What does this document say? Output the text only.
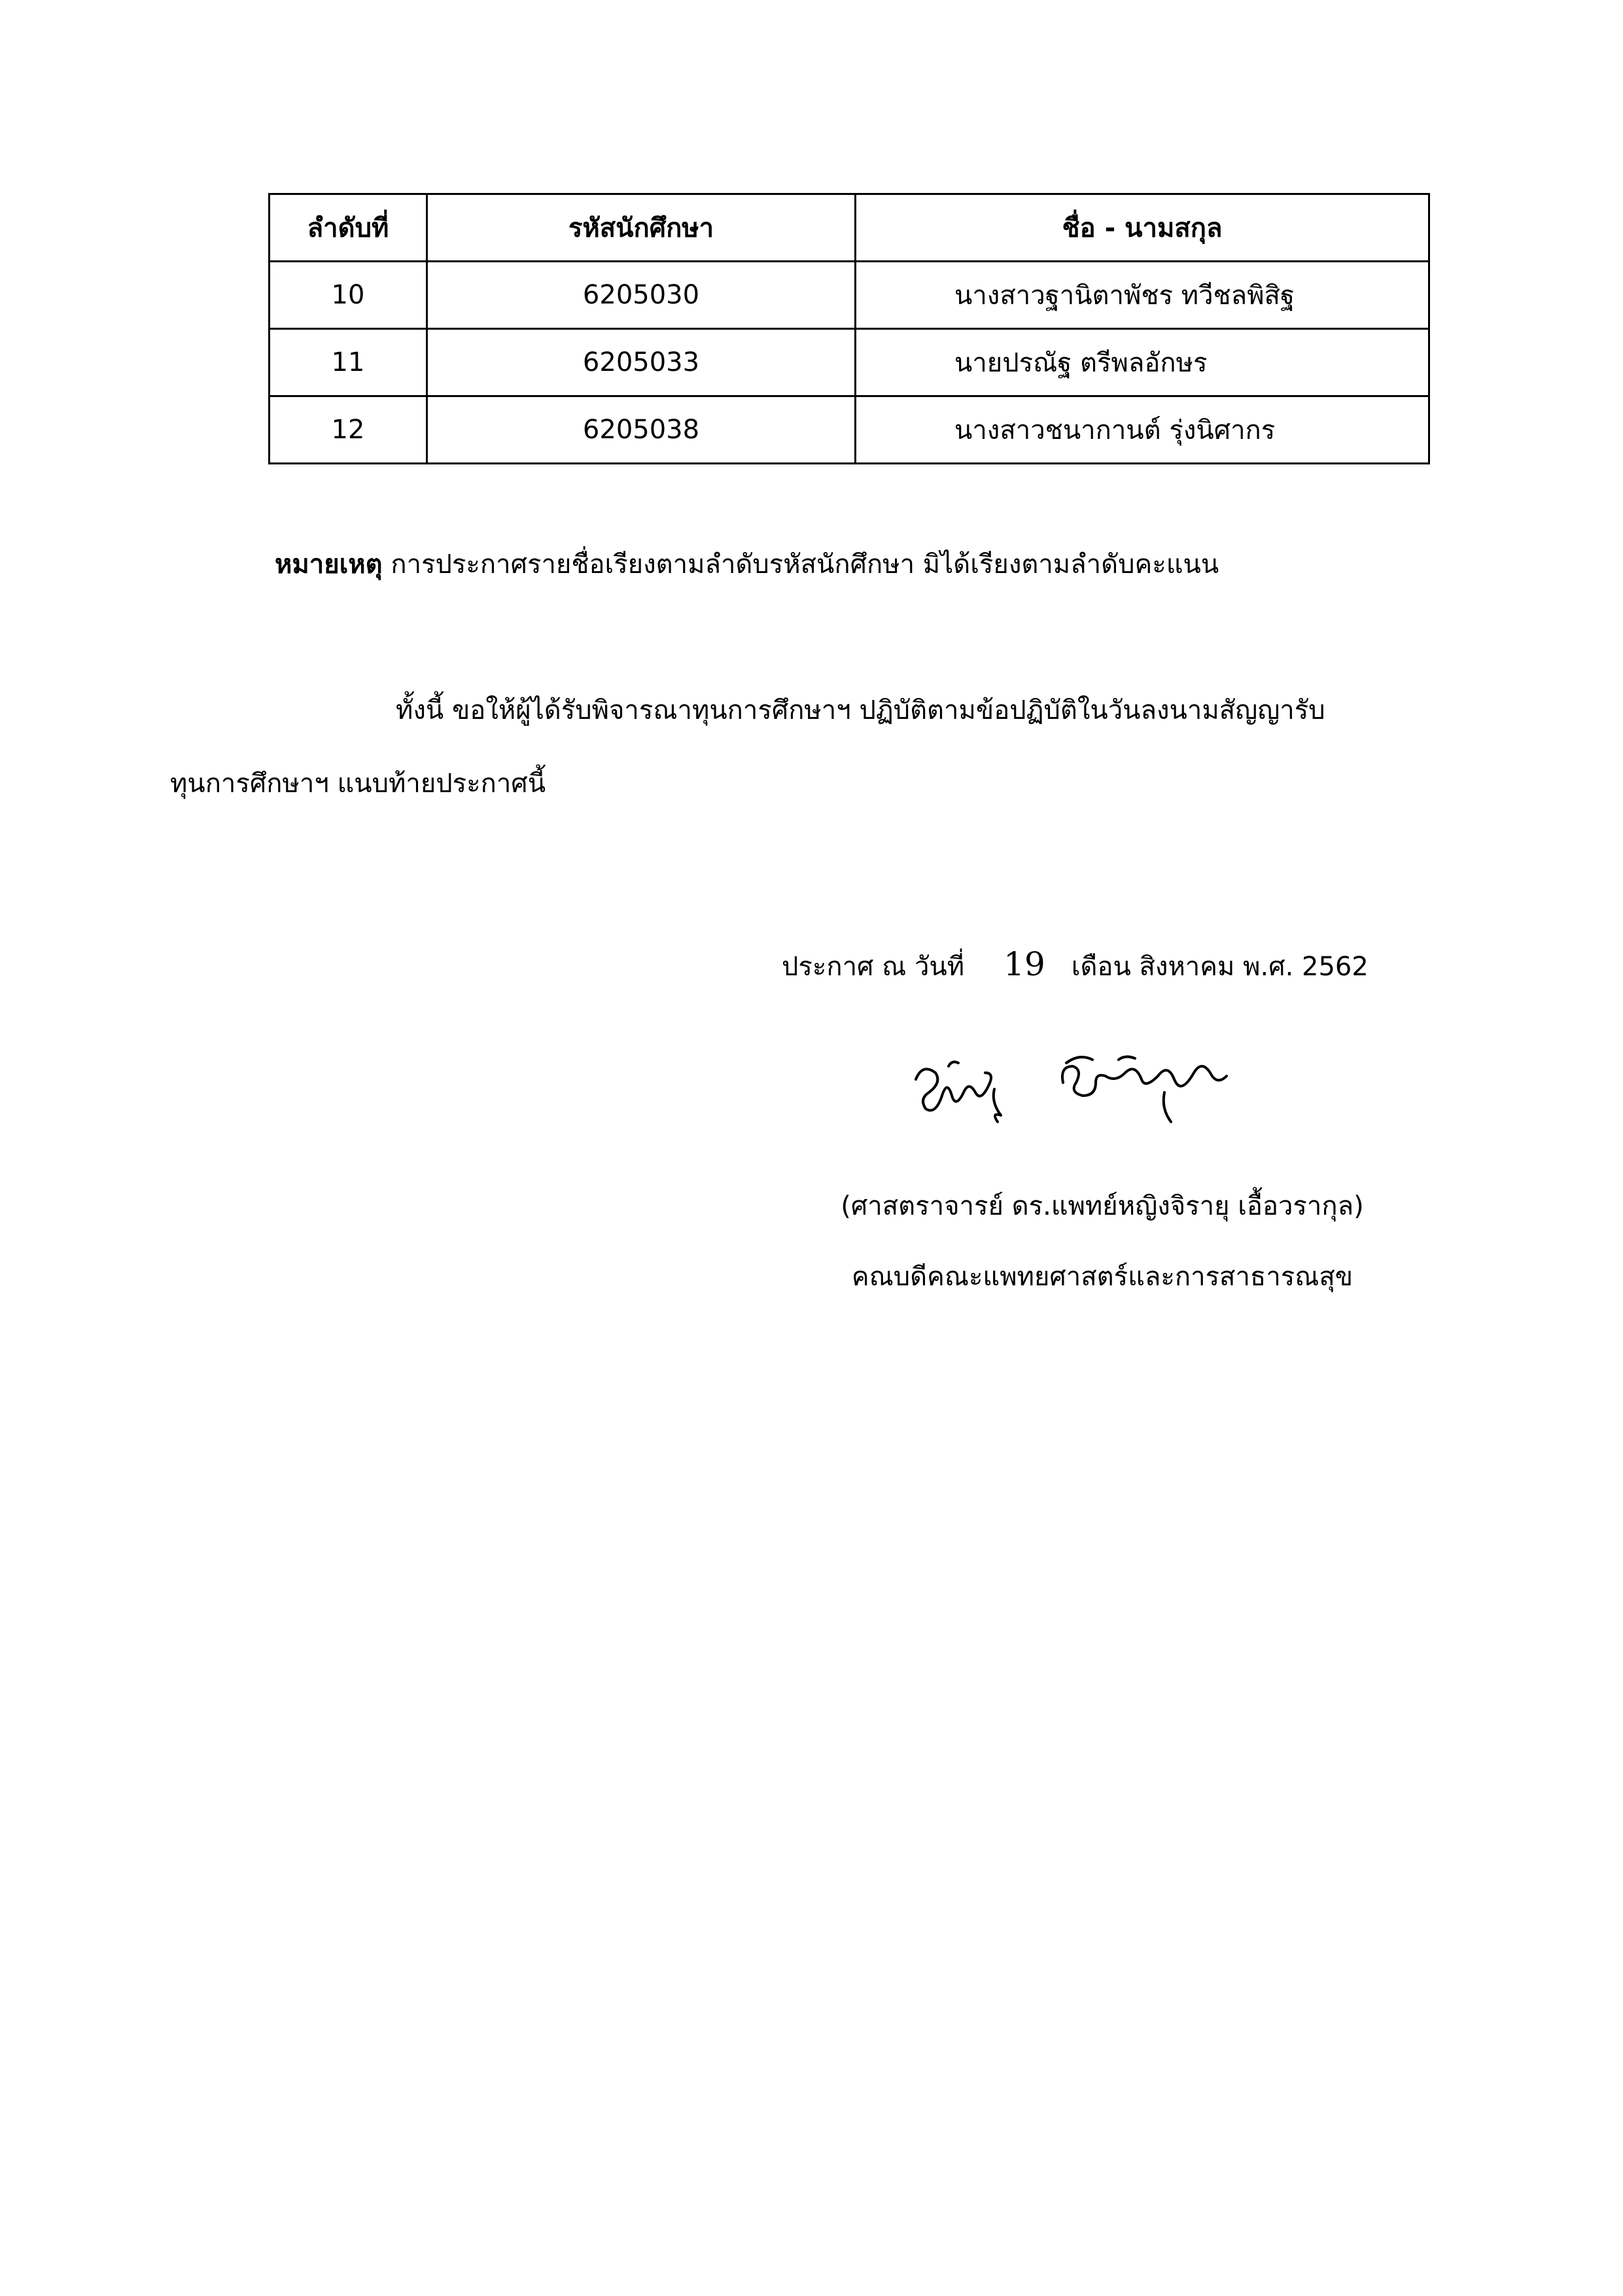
ลำดับที่	รหัสนักศึกษา	ชื่อ - นามสกุล
10	6205030	นางสาวฐานิตาพัชร ทวีชลพิสิฐ
11	6205033	นายปรณัฐ ตรีพลอักษร
12	6205038	นางสาวชนากานต์ รุ่งนิศากร
หมายเหตุ การประกาศรายชื่อเรียงตามลำดับรหัสนักศึกษา มิได้เรียงตามลำดับคะแนน
ทั้งนี้ ขอให้ผู้ได้รับพิจารณาทุนการศึกษาฯ ปฏิบัติตามข้อปฏิบัติในวันลงนามสัญญารับ
ทุนการศึกษาฯ แนบท้ายประกาศนี้
ประกาศ ณ วันที่ 19 เดือน สิงหาคม พ.ศ. 2562
(ศาสตราจารย์ ดร.แพทย์หญิงจิรายุ เอื้อวรากุล)
คณบดีคณะแพทยศาสตร์และการสาธารณสุข
